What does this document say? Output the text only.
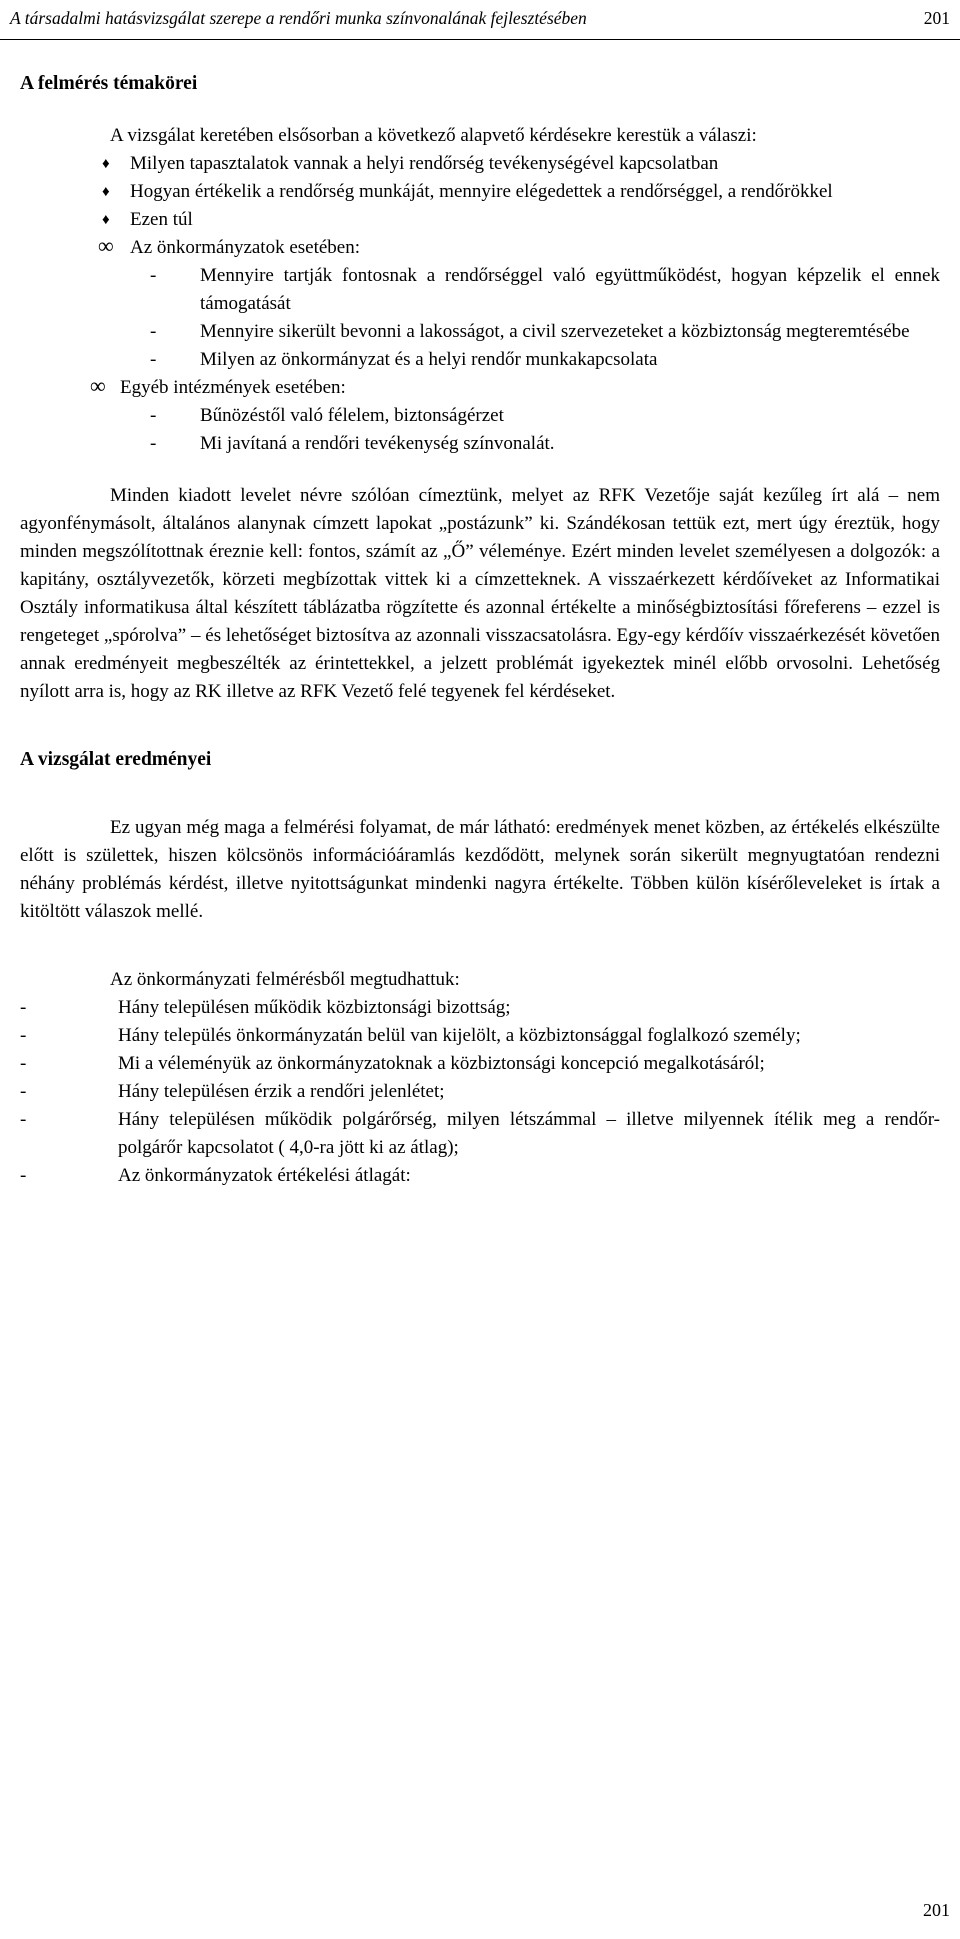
A társadalmi hatásvizsgálat szerepe a rendőri munka színvonalának fejlesztésében	201
A felmérés témakörei

A vizsgálat keretében elsősorban a következő alapvető kérdésekre kerestük a válaszi:

♦ Milyen tapasztalatok vannak a helyi rendőrség tevékenységével kapcsolatban
♦ Hogyan értékelik a rendőrség munkáját, mennyire elégedettek a rendőrséggel, a rendőrökkel
♦ Ezen túl
∞ Az önkormányzatok esetében:
- Mennyire tartják fontosnak a rendőrséggel való együttműködést, hogyan képzelik el ennek támogatását
- Mennyire sikerült bevonni a lakosságot, a civil szervezeteket a közbiztonság megteremtésébe
- Milyen az önkormányzat és a helyi rendőr munkakapcsolata
∞ Egyéb intézmények esetében:
- Bűnözéstől való félelem, biztonságérzet
- Mi javítaná a rendőri tevékenység színvonalát.

Minden kiadott levelet névre szólóan címeztünk, melyet az RFK Vezetője saját kezűleg írt alá – nem agyonfénymásolt, általános alanynak címzett lapokat „postázunk” ki. Szándékosan tettük ezt, mert úgy éreztük, hogy minden megszólítottnak éreznie kell: fontos, számít az „Ő” véleménye. Ezért minden levelet személyesen a dolgozók: a kapitány, osztályvezetők, körzeti megbízottak vittek ki a címzetteknek. A visszaérkezett kérdőíveket az Informatikai Osztály informatikusa által készített táblázatba rögzítette és azonnal értékelte a minőségbiztosítási főreferens – ezzel is rengeteget „spórolva” – és lehetőséget biztosítva az azonnali visszacsatolásra. Egy-egy kérdőív visszaérkezését követően annak eredményeit megbeszélték az érintettekkel, a jelzett problémát igyekeztek minél előbb orvosolni. Lehetőség nyílott arra is, hogy az RK illetve az RFK Vezető felé tegyenek fel kérdéseket.

A vizsgálat eredményei

Ez ugyan még maga a felmérési folyamat, de már látható: eredmények menet közben, az értékelés elkészülte előtt is születtek, hiszen kölcsönös információáramlás kezdődött, melynek során sikerült megnyugtatóan rendezni néhány problémás kérdést, illetve nyitottságunkat mindenki nagyra értékelte. Többen külön kísérőleveleket is írtak a kitöltött válaszok mellé.

Az önkormányzati felmérésből megtudhattuk:

-	Hány településen működik közbiztonsági bizottság;
-	Hány település önkormányzatán belül van kijelölt, a közbiztonsággal foglalkozó személy;
-	Mi a véleményük az önkormányzatoknak a közbiztonsági koncepció megalkotásáról;
-	Hány településen érzik a rendőri jelenlétet;
-	Hány településen működik polgárőrség, milyen létszámmal – illetve milyennek ítélik meg a rendőr-polgárőr kapcsolatot ( 4,0-ra jött ki az átlag);
-	Az önkormányzatok értékelési átlagát:
201
